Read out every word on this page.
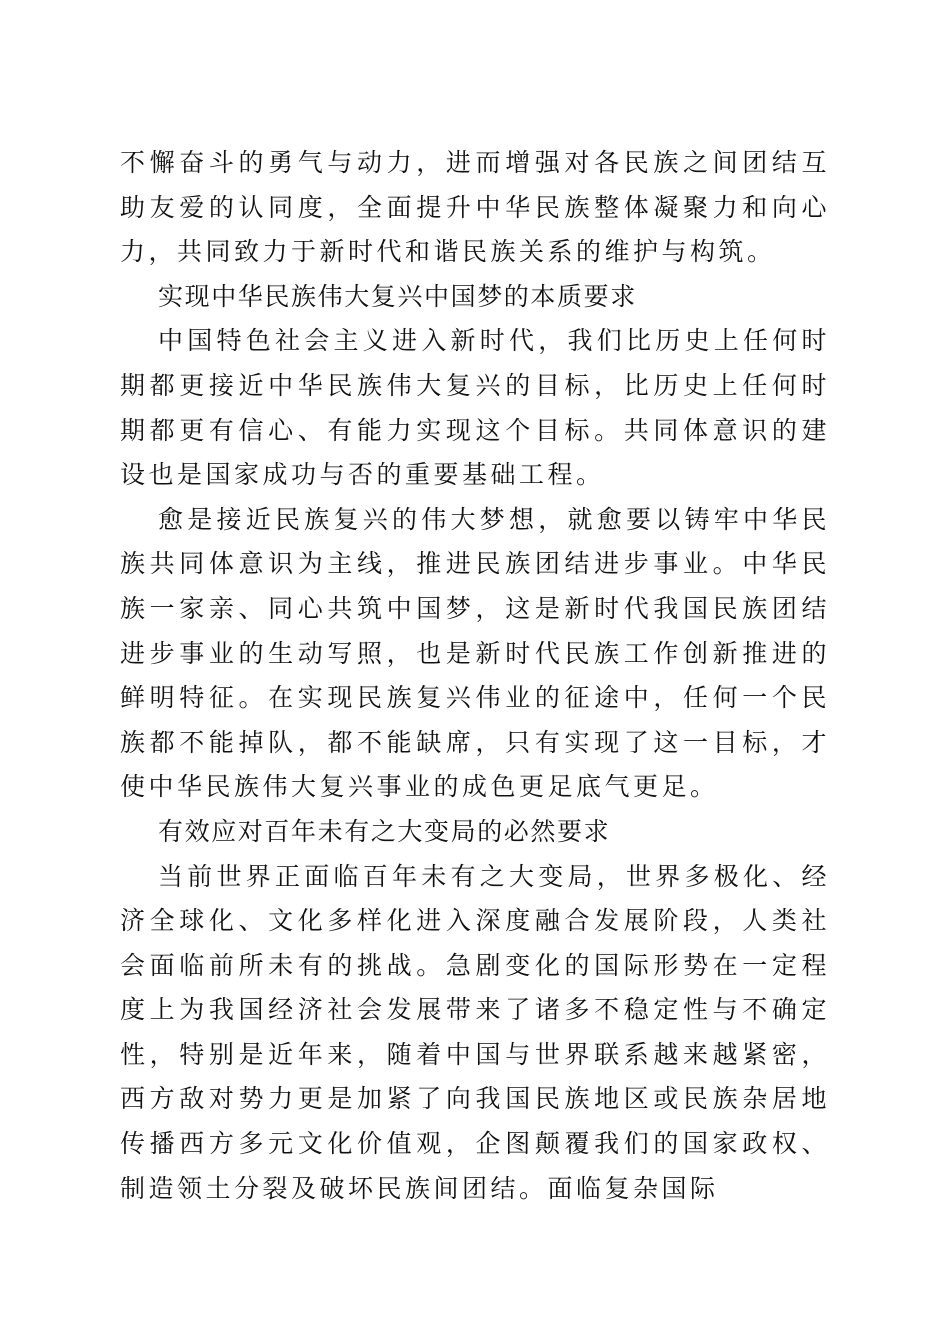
不懈奋斗的勇气与动力，进而增强对各民族之间团结互助友爱的认同度，全面提升中华民族整体凝聚力和向心力，共同致力于新时代和谐民族关系的维护与构筑。

实现中华民族伟大复兴中国梦的本质要求

中国特色社会主义进入新时代，我们比历史上任何时期都更接近中华民族伟大复兴的目标，比历史上任何时期都更有信心、有能力实现这个目标。共同体意识的建设也是国家成功与否的重要基础工程。

愈是接近民族复兴的伟大梦想，就愈要以铸牢中华民族共同体意识为主线，推进民族团结进步事业。中华民族一家亲、同心共筑中国梦，这是新时代我国民族团结进步事业的生动写照，也是新时代民族工作创新推进的鲜明特征。在实现民族复兴伟业的征途中，任何一个民族都不能掉队，都不能缺席，只有实现了这一目标，才使中华民族伟大复兴事业的成色更足底气更足。

有效应对百年未有之大变局的必然要求

当前世界正面临百年未有之大变局，世界多极化、经济全球化、文化多样化进入深度融合发展阶段，人类社会面临前所未有的挑战。急剧变化的国际形势在一定程度上为我国经济社会发展带来了诸多不稳定性与不确定性，特别是近年来，随着中国与世界联系越来越紧密，西方敌对势力更是加紧了向我国民族地区或民族杂居地传播西方多元文化价值观，企图颠覆我们的国家政权、制造领土分裂及破坏民族间团结。面临复杂国际
